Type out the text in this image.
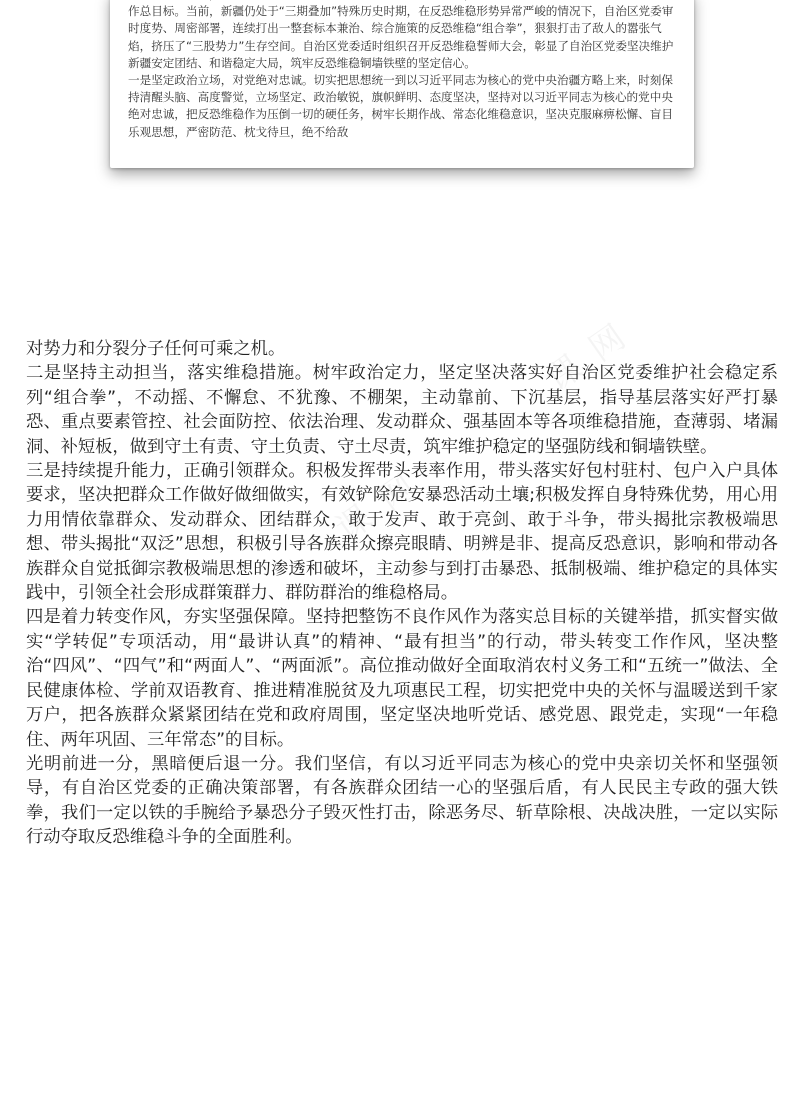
作总目标。当前，新疆仍处于“三期叠加”特殊历史时期，在反恐维稳形势异常严峻的情况下，自治区党委审时度势、周密部署，连续打出一整套标本兼治、综合施策的反恐维稳“组合拳”，狠狠打击了敌人的嚣张气焰，挤压了“三股势力”生存空间。自治区党委适时组织召开反恐维稳誓师大会，彰显了自治区党委坚决维护新疆安定团结、和谐稳定大局，筑牢反恐维稳铜墙铁壁的坚定信心。

一是坚定政治立场，对党绝对忠诚。切实把思想统一到以习近平同志为核心的党中央治疆方略上来，时刻保持清醒头脑、高度警觉，立场坚定、政治敏锐，旗帜鲜明、态度坚决，坚持对以习近平同志为核心的党中央绝对忠诚，把反恐维稳作为压倒一切的硬任务，树牢长期作战、常态化维稳意识，坚决克服麻痹松懈、盲目乐观思想，严密防范、枕戈待旦，绝不给敌

课 网
课 网

对势力和分裂分子任何可乘之机。

二是坚持主动担当，落实维稳措施。树牢政治定力，坚定坚决落实好自治区党委维护社会稳定系列“组合拳”，不动摇、不懈怠、不犹豫、不棚架，主动靠前、下沉基层，指导基层落实好严打暴恐、重点要素管控、社会面防控、依法治理、发动群众、强基固本等各项维稳措施，查薄弱、堵漏洞、补短板，做到守土有责、守土负责、守土尽责，筑牢维护稳定的坚强防线和铜墙铁壁。

三是持续提升能力，正确引领群众。积极发挥带头表率作用，带头落实好包村驻村、包户入户具体要求，坚决把群众工作做好做细做实，有效铲除危安暴恐活动土壤;积极发挥自身特殊优势，用心用力用情依靠群众、发动群众、团结群众，敢于发声、敢于亮剑、敢于斗争，带头揭批宗教极端思想、带头揭批“双泛”思想，积极引导各族群众擦亮眼睛、明辨是非、提高反恐意识，影响和带动各族群众自觉抵御宗教极端思想的渗透和破坏，主动参与到打击暴恐、抵制极端、维护稳定的具体实践中，引领全社会形成群策群力、群防群治的维稳格局。

四是着力转变作风，夯实坚强保障。坚持把整饬不良作风作为落实总目标的关键举措，抓实督实做实“学转促”专项活动，用“最讲认真”的精神、“最有担当”的行动，带头转变工作作风，坚决整治“四风”、“四气”和“两面人”、“两面派”。高位推动做好全面取消农村义务工和“五统一”做法、全民健康体检、学前双语教育、推进精准脱贫及九项惠民工程，切实把党中央的关怀与温暖送到千家万户，把各族群众紧紧团结在党和政府周围，坚定坚决地听党话、感党恩、跟党走，实现“一年稳住、两年巩固、三年常态”的目标。

光明前进一分，黑暗便后退一分。我们坚信，有以习近平同志为核心的党中央亲切关怀和坚强领导，有自治区党委的正确决策部署，有各族群众团结一心的坚强后盾，有人民民主专政的强大铁拳，我们一定以铁的手腕给予暴恐分子毁灭性打击，除恶务尽、斩草除根、决战决胜，一定以实际行动夺取反恐维稳斗争的全面胜利。
